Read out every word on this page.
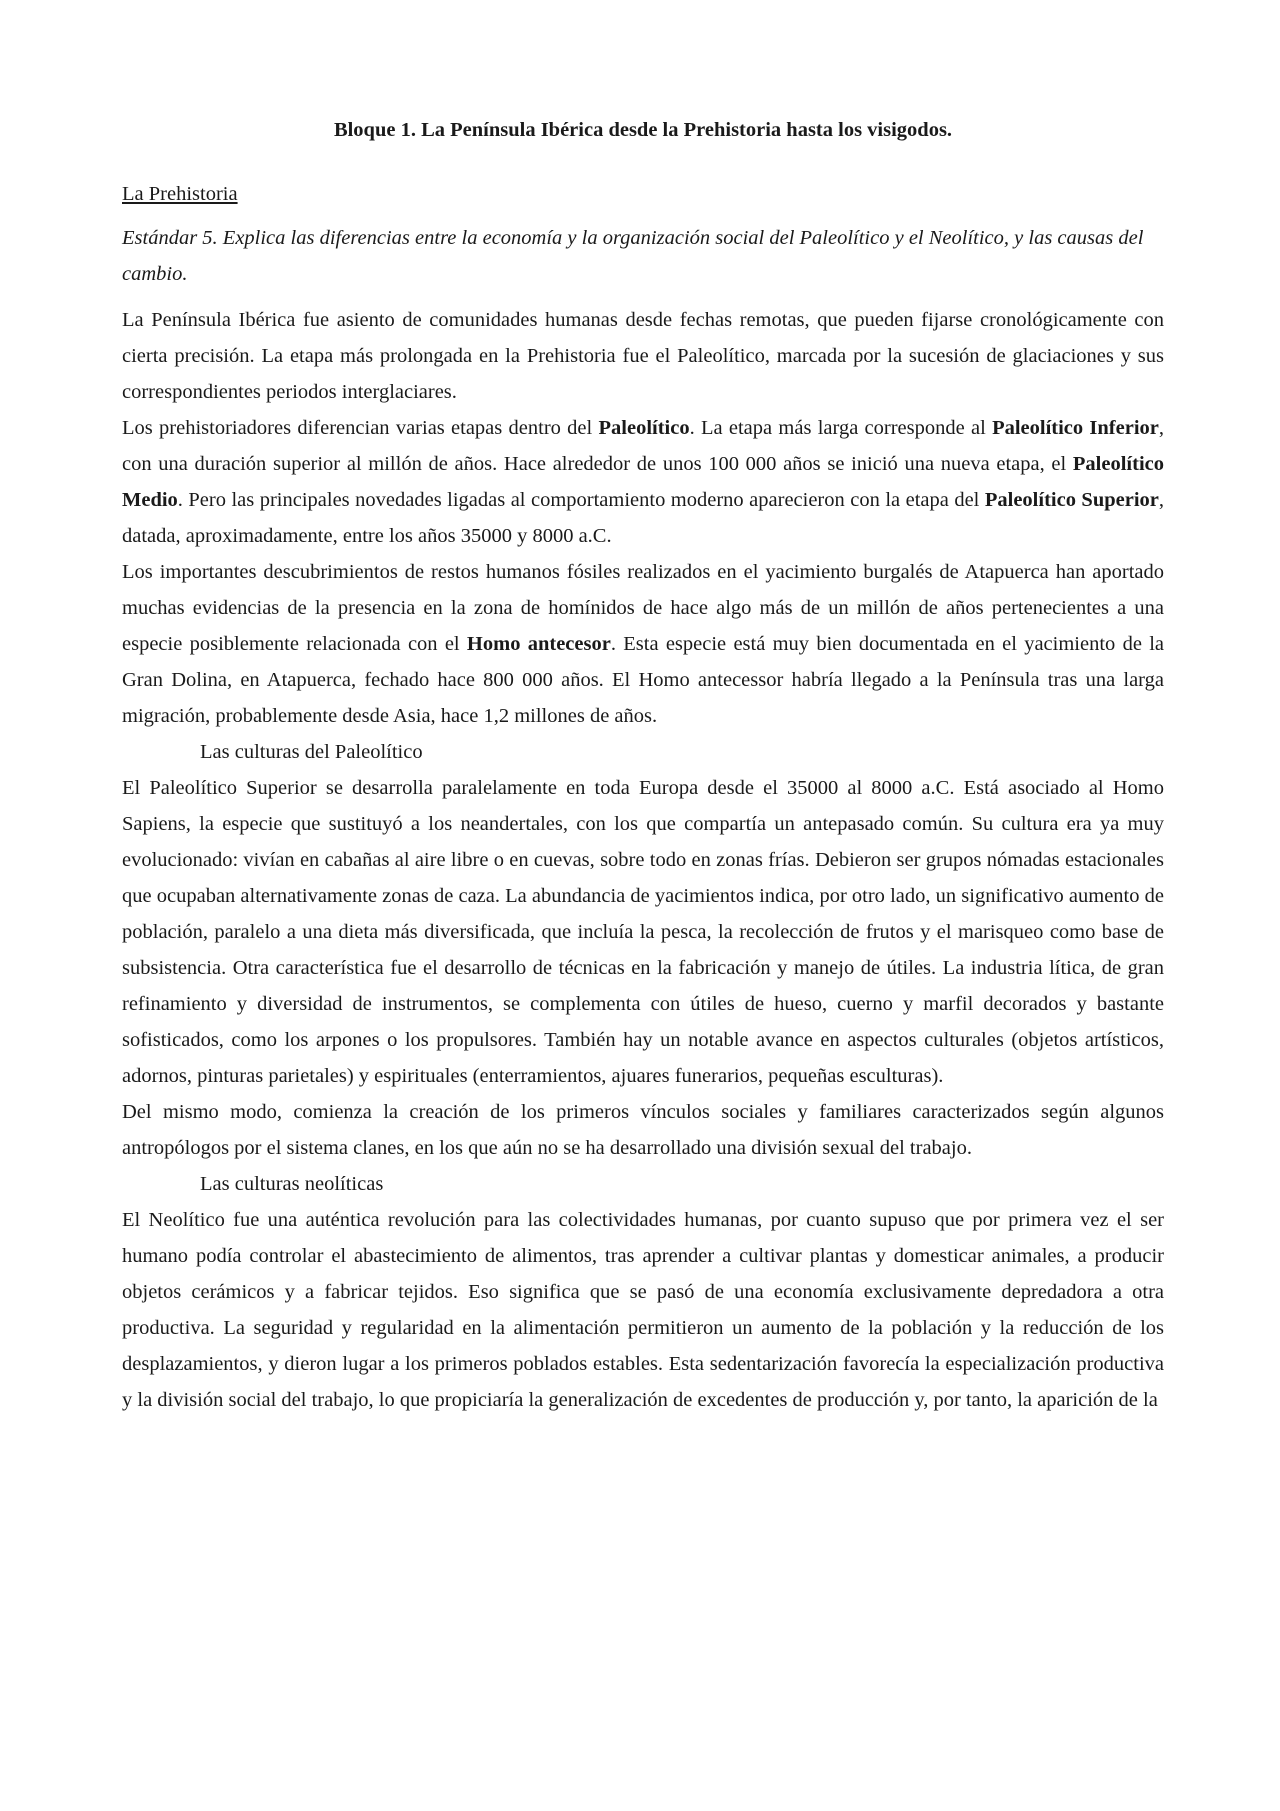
Bloque 1. La Península Ibérica desde la Prehistoria hasta los visigodos.

La Prehistoria

Estándar 5. Explica las diferencias entre la economía y la organización social del Paleolítico y el Neolítico, y las causas del cambio.

La Península Ibérica fue asiento de comunidades humanas desde fechas remotas, que pueden fijarse cronológicamente con cierta precisión. La etapa más prolongada en la Prehistoria fue el Paleolítico, marcada por la sucesión de glaciaciones y sus correspondientes periodos interglaciares.

Los prehistoriadores diferencian varias etapas dentro del Paleolítico. La etapa más larga corresponde al Paleolítico Inferior, con una duración superior al millón de años. Hace alrededor de unos 100 000 años se inició una nueva etapa, el Paleolítico Medio. Pero las principales novedades ligadas al comportamiento moderno aparecieron con la etapa del Paleolítico Superior, datada, aproximadamente, entre los años 35000 y 8000 a.C.

Los importantes descubrimientos de restos humanos fósiles realizados en el yacimiento burgalés de Atapuerca han aportado muchas evidencias de la presencia en la zona de homínidos de hace algo más de un millón de años pertenecientes a una especie posiblemente relacionada con el Homo antecesor. Esta especie está muy bien documentada en el yacimiento de la Gran Dolina, en Atapuerca, fechado hace 800 000 años. El Homo antecessor habría llegado a la Península tras una larga migración, probablemente desde Asia, hace 1,2 millones de años.

Las culturas del Paleolítico

El Paleolítico Superior se desarrolla paralelamente en toda Europa desde el 35000 al 8000 a.C. Está asociado al Homo Sapiens, la especie que sustituyó a los neandertales, con los que compartía un antepasado común. Su cultura era ya muy evolucionado: vivían en cabañas al aire libre o en cuevas, sobre todo en zonas frías. Debieron ser grupos nómadas estacionales que ocupaban alternativamente zonas de caza. La abundancia de yacimientos indica, por otro lado, un significativo aumento de población, paralelo a una dieta más diversificada, que incluía la pesca, la recolección de frutos y el marisqueo como base de subsistencia. Otra característica fue el desarrollo de técnicas en la fabricación y manejo de útiles. La industria lítica, de gran refinamiento y diversidad de instrumentos, se complementa con útiles de hueso, cuerno y marfil decorados y bastante sofisticados, como los arpones o los propulsores. También hay un notable avance en aspectos culturales (objetos artísticos, adornos, pinturas parietales) y espirituales (enterramientos, ajuares funerarios, pequeñas esculturas).

Del mismo modo, comienza la creación de los primeros vínculos sociales y familiares caracterizados según algunos antropólogos por el sistema clanes, en los que aún no se ha desarrollado una división sexual del trabajo.

Las culturas neolíticas

El Neolítico fue una auténtica revolución para las colectividades humanas, por cuanto supuso que por primera vez el ser humano podía controlar el abastecimiento de alimentos, tras aprender a cultivar plantas y domesticar animales, a producir objetos cerámicos y a fabricar tejidos. Eso significa que se pasó de una economía exclusivamente depredadora a otra productiva. La seguridad y regularidad en la alimentación permitieron un aumento de la población y la reducción de los desplazamientos, y dieron lugar a los primeros poblados estables. Esta sedentarización favorecía la especialización productiva y la división social del trabajo, lo que propiciaría la generalización de excedentes de producción y, por tanto, la aparición de la
